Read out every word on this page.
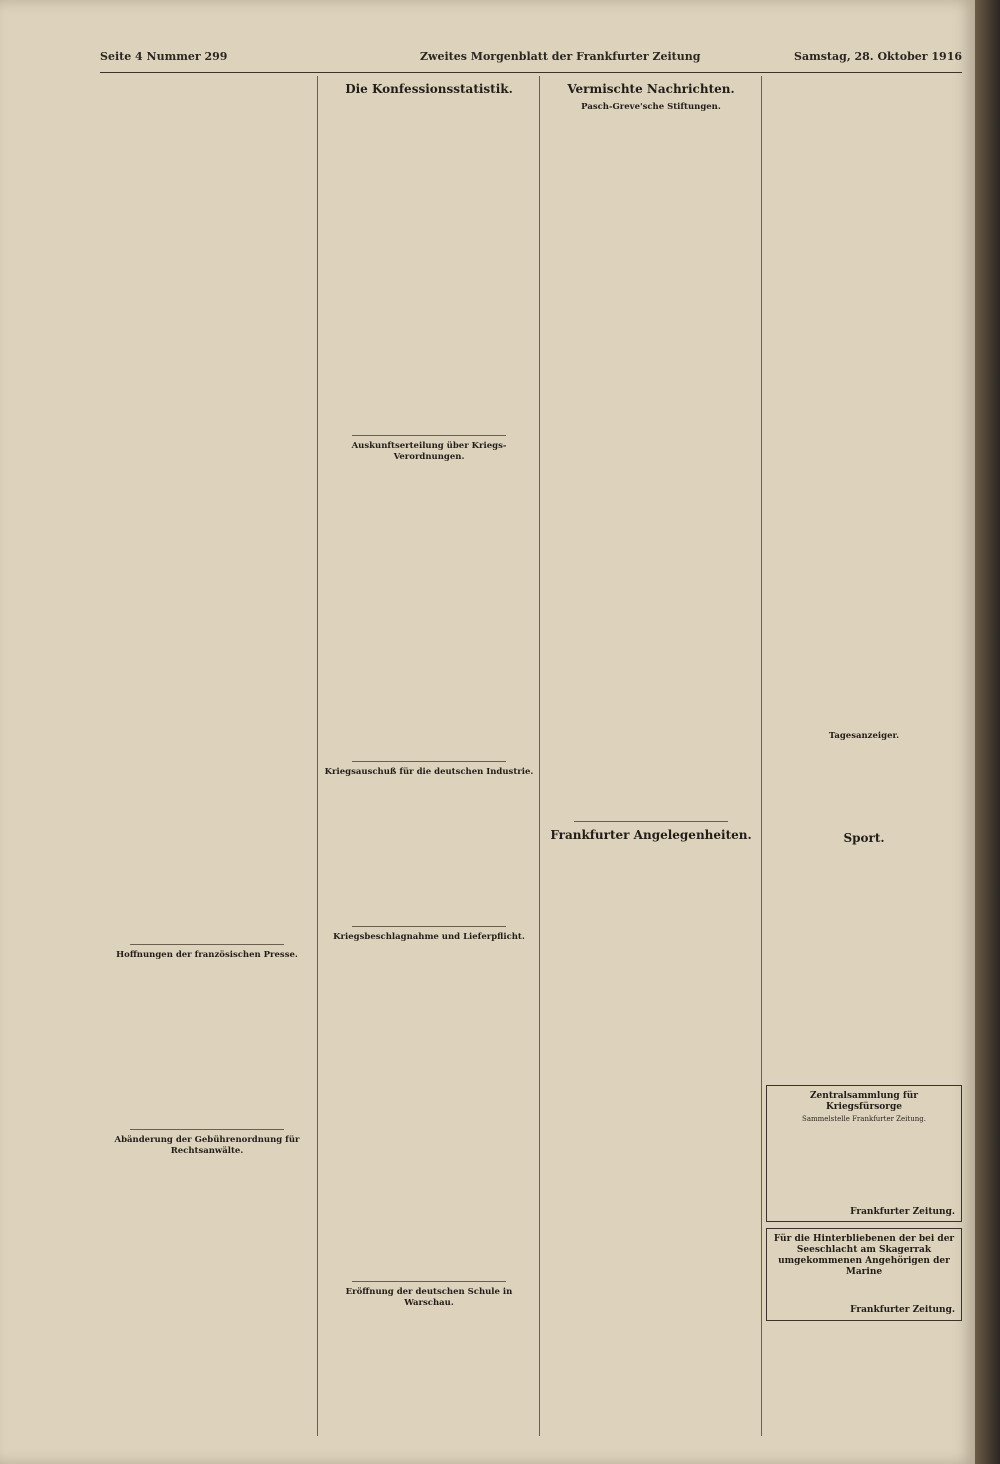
Seite 4 Nummer 299	Zweites Morgenblatt der Frankfurter Zeitung	Samstag, 28. Oktober 1916
Hoffnungen der französischen Presse.
Abänderung der Gebührenordnung für Rechtsanwälte.
Die Konfessionsstatistik.
Auskunftserteilung über Kriegs-Verordnungen.
Kriegsauschuß für die deutschen Industrie.
Kriegsbeschlagnahme und Lieferpflicht.
Eröffnung der deutschen Schule in Warschau.
Vermischte Nachrichten.
Pasch-Greve'sche Stiftungen.
Frankfurter Angelegenheiten.
Tagesanzeiger.
Sport.
Zentralsammlung für Kriegsfürsorge
Sammelstelle Frankfurter Zeitung.
Frankfurter Zeitung.
Für die Hinterbliebenen der bei der Seeschlacht am Skagerrak umgekommenen Angehörigen der Marine
Frankfurter Zeitung.
